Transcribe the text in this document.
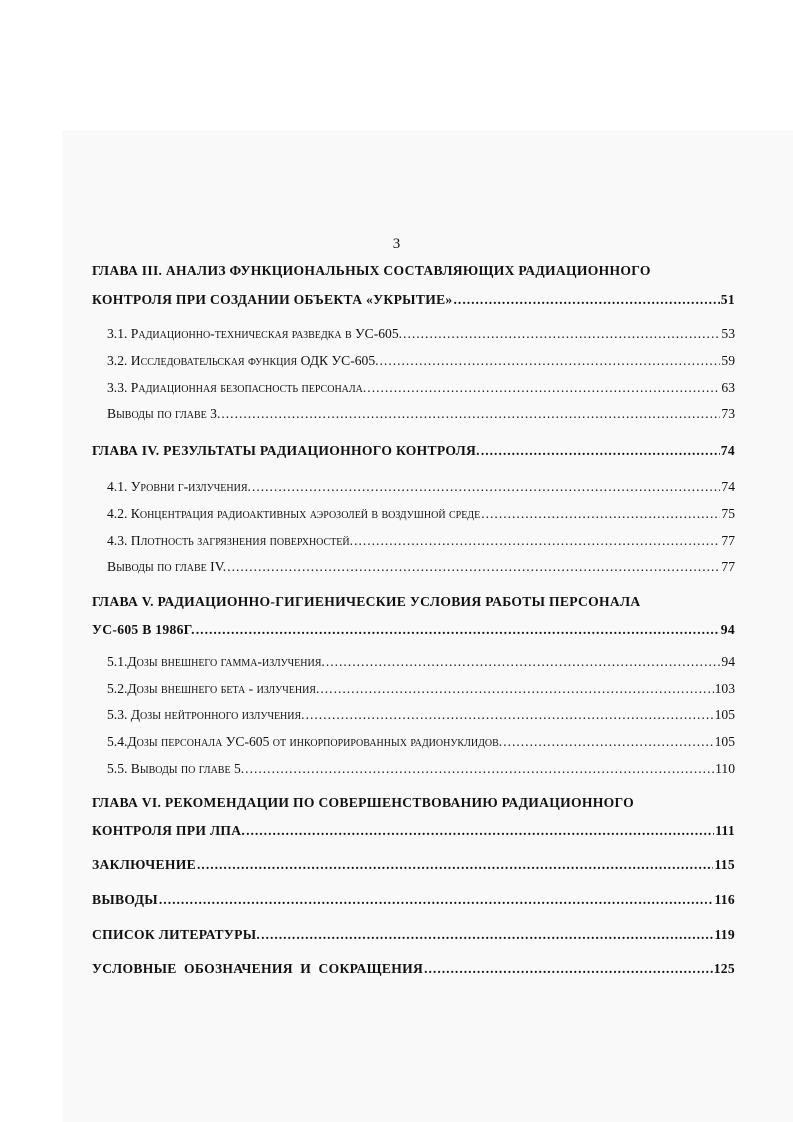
3
ГЛАВА III. АНАЛИЗ ФУНКЦИОНАЛЬНЫХ СОСТАВЛЯЮЩИХ РАДИАЦИОННОГО
КОНТРОЛЯ ПРИ СОЗДАНИИ ОБЪЕКТА «УКРЫТИЕ» .....	51
3.1. Радиационно-техническая разведка в УС-605. .....	53
3.2. Исследовательская функция ОДК УС-605. .....	59
3.3. Радиационная безопасность персонала. .....	63
Выводы по главе 3. .....	73
ГЛАВА IV. РЕЗУЛЬТАТЫ РАДИАЦИОННОГО КОНТРОЛЯ. .....	74
4.1. Уровни γ-излучения. .....	74
4.2. Концентрация радиоактивных аэрозолей в воздушной среде .....	75
4.3. Плотность загрязнения поверхностей. .....	77
Выводы по главе IV. .....	77
ГЛАВА V. РАДИАЦИОННО-ГИГИЕНИЧЕСКИЕ УСЛОВИЯ РАБОТЫ ПЕРСОНАЛА
УС-605 В 1986Г. .....	94
5.1.Дозы внешнего гамма-излучения. .....	94
5.2.Дозы внешнего бета - излучения. .....	103
5.3. Дозы нейтронного излучения. .....	105
5.4.Дозы персонала УС-605 от инкорпорированных радионуклидов. .....	105
5.5. Выводы по главе 5. .....	110
ГЛАВА VI. РЕКОМЕНДАЦИИ ПО СОВЕРШЕНСТВОВАНИЮ РАДИАЦИОННОГО
КОНТРОЛЯ ПРИ ЛПА. .....	111
ЗАКЛЮЧЕНИЕ .....	115
ВЫВОДЫ .....	116
СПИСОК ЛИТЕРАТУРЫ. .....	119
УСЛОВНЫЕ  ОБОЗНАЧЕНИЯ  И  СОКРАЩЕНИЯ .....	125
